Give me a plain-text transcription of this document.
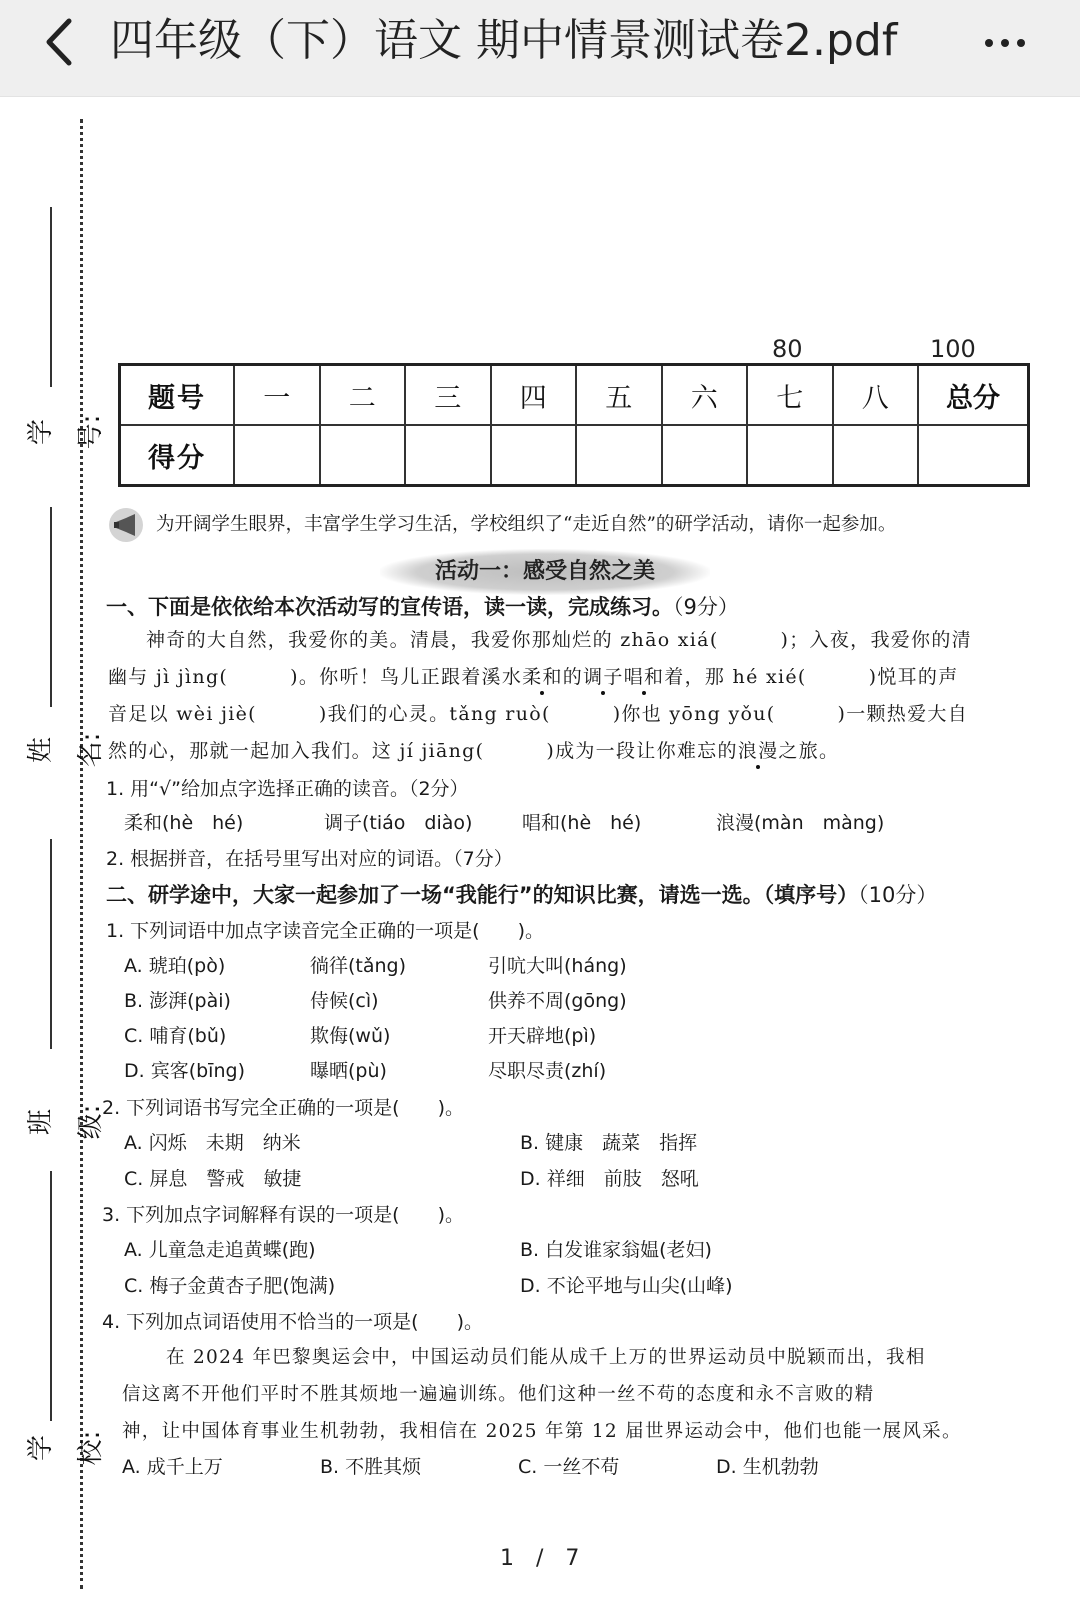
四年级（下）语文 期中情景测试卷2.pdf
学号:
姓名:
班级:
学校:
80	100
题号	一	二	三	四	五	六	七	八	总分
得分									
为开阔学生眼界，丰富学生学习生活，学校组织了“走近自然”的研学活动，请你一起参加。
活动一：感受自然之美
一、下面是依依给本次活动写的宣传语，读一读，完成练习。（9分）
神奇的大自然，我爱你的美。清晨，我爱你那灿烂的 zhāo xiá(	)；入夜，我爱你的清
幽与 jì jìng(	)。你听！鸟儿正跟着溪水柔和的调子唱和着，那 hé xié(	)悦耳的声
音足以 wèi jiè(	)我们的心灵。tǎng ruò(	)你也 yōng yǒu(	)一颗热爱大自
然的心，那就一起加入我们。这 jí jiāng(	)成为一段让你难忘的浪漫之旅。
1. 用“√”给加点字选择正确的读音。（2分）
柔和(hè　hé)	调子(tiáo　diào)	唱和(hè　hé)	浪漫(màn　màng)
2. 根据拼音，在括号里写出对应的词语。（7分）
二、研学途中，大家一起参加了一场“我能行”的知识比赛，请选一选。（填序号）（10分）
1. 下列词语中加点字读音完全正确的一项是(　　)。
A. 琥珀(pò)	徜徉(tǎng)	引吭大叫(háng)
B. 澎湃(pài)	侍候(cì)	供养不周(gōng)
C. 哺育(bǔ)	欺侮(wǔ)	开天辟地(pì)
D. 宾客(bīng)	曝晒(pù)	尽职尽责(zhí)
2. 下列词语书写完全正确的一项是(　　)。
A. 闪烁　未期　纳米	B. 键康　蔬菜　指挥
C. 屏息　警戒　敏捷	D. 祥细　前肢　怒吼
3. 下列加点字词解释有误的一项是(　　)。
A. 儿童急走追黄蝶(跑)	B. 白发谁家翁媪(老妇)
C. 梅子金黄杏子肥(饱满)	D. 不论平地与山尖(山峰)
4. 下列加点词语使用不恰当的一项是(　　)。
在 2024 年巴黎奥运会中，中国运动员们能从成千上万的世界运动员中脱颖而出，我相
信这离不开他们平时不胜其烦地一遍遍训练。他们这种一丝不苟的态度和永不言败的精
神，让中国体育事业生机勃勃，我相信在 2025 年第 12 届世界运动会中，他们也能一展风采。
A. 成千上万	B. 不胜其烦	C. 一丝不苟	D. 生机勃勃
1　/　7
